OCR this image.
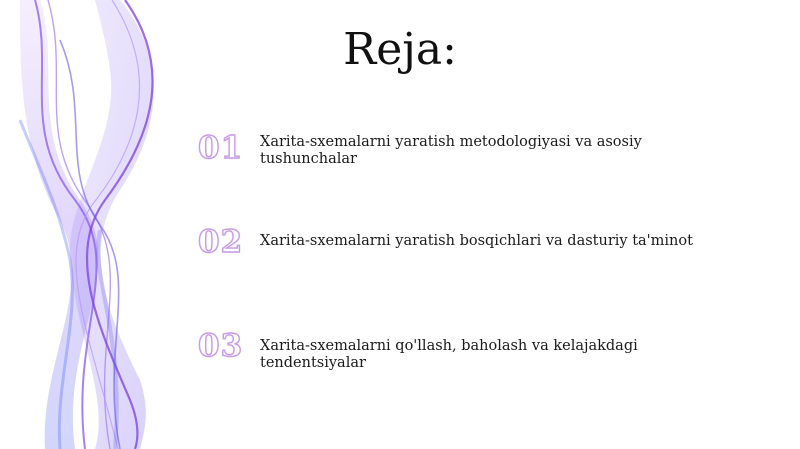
Reja:
01	Xarita-sxemalarni yaratish metodologiyasi va asosiy tushunchalar
02	Xarita-sxemalarni yaratish bosqichlari va dasturiy ta'minot
03	Xarita-sxemalarni qo'llash, baholash va kelajakdagi tendentsiyalar
